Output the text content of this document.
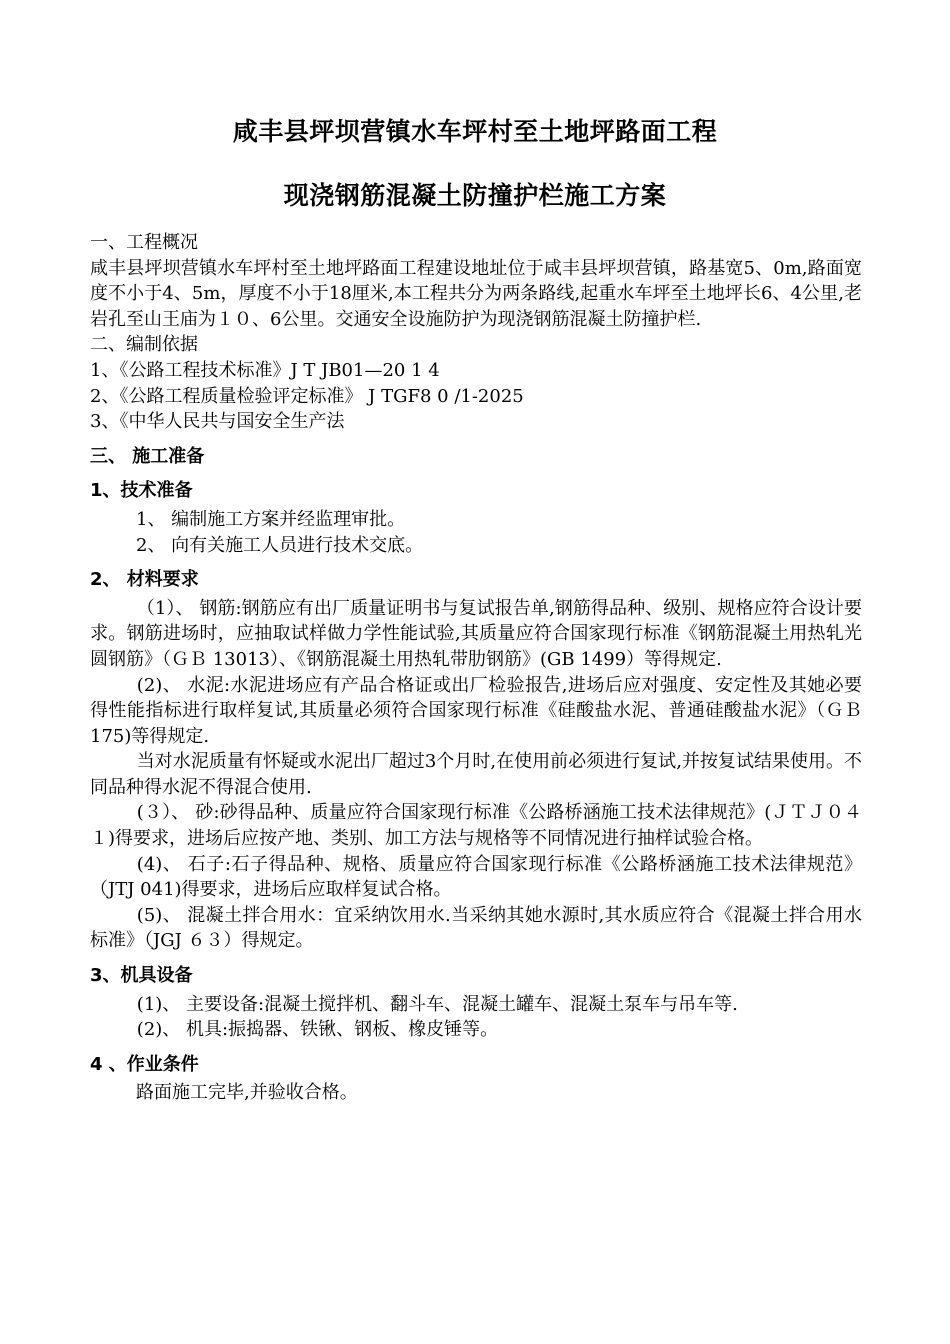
咸丰县坪坝营镇水车坪村至土地坪路面工程
现浇钢筋混凝土防撞护栏施工方案

一、工程概况

咸丰县坪坝营镇水车坪村至土地坪路面工程建设地址位于咸丰县坪坝营镇，路基宽5、0m,路面宽度不小于4、5m，厚度不小于18厘米,本工程共分为两条路线,起重水车坪至土地坪长6、4公里,老岩孔至山王庙为１０、6公里。交通安全设施防护为现浇钢筋混凝土防撞护栏.

二、编制依据

1、《公路工程技术标准》J T JB01—20 1 4

2、《公路工程质量检验评定标准》 J TGF8 0 /1-2025

3、《中华人民共与国安全生产法

三、 施工准备

1、技术准备

1、 编制施工方案并经监理审批。

2、 向有关施工人员进行技术交底。

2、 材料要求

（1）、 钢筋:钢筋应有出厂质量证明书与复试报告单,钢筋得品种、级别、规格应符合设计要求。钢筋进场时，应抽取试样做力学性能试验,其质量应符合国家现行标准《钢筋混凝土用热轧光圆钢筋》（ＧＢ 13013）、《钢筋混凝土用热轧带肋钢筋》(GB 1499）等得规定.

(2)、 水泥:水泥进场应有产品合格证或出厂检验报告,进场后应对强度、安定性及其她必要得性能指标进行取样复试,其质量必须符合国家现行标准《硅酸盐水泥、普通硅酸盐水泥》（ＧＢ 175)等得规定.

当对水泥质量有怀疑或水泥出厂超过3个月时,在使用前必须进行复试,并按复试结果使用。不同品种得水泥不得混合使用.

(３）、 砂:砂得品种、质量应符合国家现行标准《公路桥涵施工技术法律规范》(ＪＴＪ０４１)得要求，进场后应按产地、类别、加工方法与规格等不同情况进行抽样试验合格。

(4)、 石子:石子得品种、规格、质量应符合国家现行标准《公路桥涵施工技术法律规范》（JTJ 041)得要求，进场后应取样复试合格。

(5)、 混凝土拌合用水：宜采纳饮用水.当采纳其她水源时,其水质应符合《混凝土拌合用水标准》（JGJ ６３）得规定。

3、机具设备

(1)、 主要设备:混凝土搅拌机、翻斗车、混凝土罐车、混凝土泵车与吊车等.

(2)、 机具:振捣器、铁锹、钢板、橡皮锤等。

4 、作业条件

路面施工完毕,并验收合格。
